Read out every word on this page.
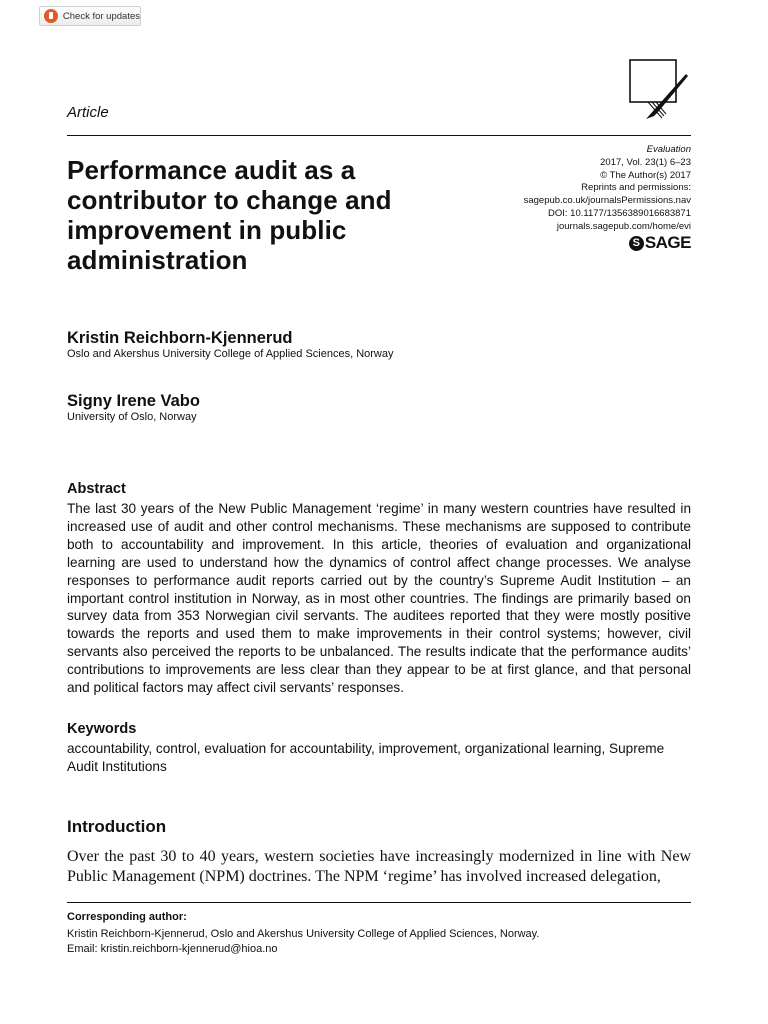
Check for updates
Article
Performance audit as a
contributor to change and
improvement in public
administration
Evaluation
2017, Vol. 23(1) 6–23
© The Author(s) 2017
Reprints and permissions:
sagepub.co.uk/journalsPermissions.nav
DOI: 10.1177/1356389016683871
journals.sagepub.com/home/evi
S SAGE
Kristin Reichborn-Kjennerud
Oslo and Akershus University College of Applied Sciences, Norway
Signy Irene Vabo
University of Oslo, Norway
Abstract
The last 30 years of the New Public Management ‘regime’ in many western countries have resulted in increased use of audit and other control mechanisms. These mechanisms are supposed to contribute both to accountability and improvement. In this article, theories of evaluation and organizational learning are used to understand how the dynamics of control affect change processes. We analyse responses to performance audit reports carried out by the country’s Supreme Audit Institution – an important control institution in Norway, as in most other countries. The findings are primarily based on survey data from 353 Norwegian civil servants. The auditees reported that they were mostly positive towards the reports and used them to make improvements in their control systems; however, civil servants also perceived the reports to be unbalanced. The results indicate that the performance audits’ contributions to improvements are less clear than they appear to be at first glance, and that personal and political factors may affect civil servants’ responses.
Keywords
accountability, control, evaluation for accountability, improvement, organizational learning, Supreme Audit Institutions
Introduction
Over the past 30 to 40 years, western societies have increasingly modernized in line with New Public Management (NPM) doctrines. The NPM ‘regime’ has involved increased delegation,
Corresponding author:
Kristin Reichborn-Kjennerud, Oslo and Akershus University College of Applied Sciences, Norway.
Email: kristin.reichborn-kjennerud@hioa.no
